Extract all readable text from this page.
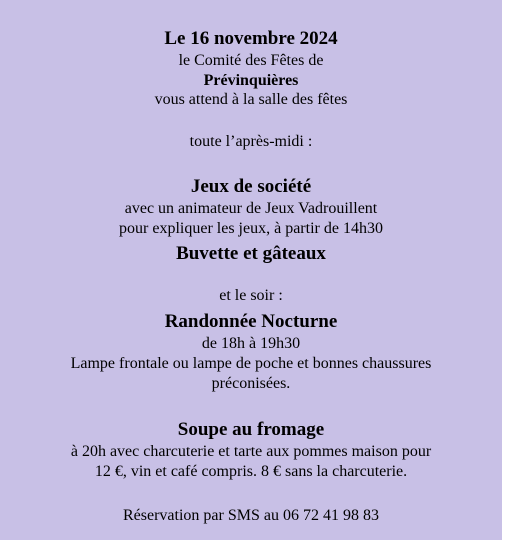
Le 16 novembre 2024
le Comité des Fêtes de
Prévinquières
vous attend à la salle des fêtes
toute l’après-midi :
Jeux de société
avec un animateur de Jeux Vadrouillent
pour expliquer les jeux, à partir de 14h30
Buvette et gâteaux
et le soir :
Randonnée Nocturne
de 18h à 19h30
Lampe frontale ou lampe de poche et bonnes chaussures
préconisées.
Soupe au fromage
à 20h avec charcuterie et tarte aux pommes maison pour
12 €, vin et café compris. 8 € sans la charcuterie.
Réservation par SMS au 06 72 41 98 83
